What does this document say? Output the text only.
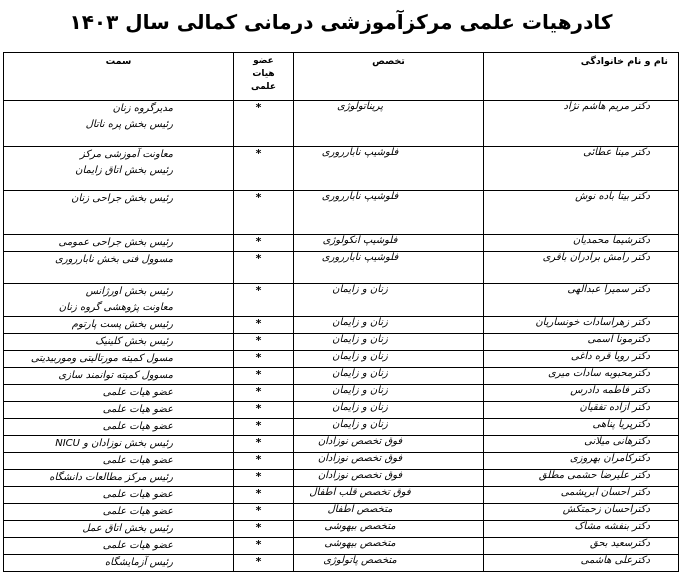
کادرهیات علمی مرکزآموزشی درمانی کمالی سال ۱۴۰۳
نام و نام خانوادگی	تخصص	عضو
هیات
علمی	سمت
دکتر مریم هاشم نژاد	پریناتولوژی	*	مدیرگروه زنان
رئیس بخش پره ناتال

دکتر مینا عطائی	فلوشیپ نابارروری	*	معاونت آموزشی مرکز
رئیس بخش اتاق زایمان

دکتر بیتا باده نوش	فلوشیپ نابارروری	*	رئیس بخش جراحی زنان

دکترشیما محمدیان	فلوشیپ انکولوژی	*	رئیس بخش جراحی عمومی

دکتر رامش برادران باقری	فلوشیپ نابارروری	*	مسوول فنی بخش نابارروری

دکتر سمیرا عبدالهی	زنان و زایمان	*	رئیس بخش اورژانس
معاونت پژوهشی گروه زنان

دکتر زهراسادات خونساریان	زنان و زایمان	*	رئیس بخش پست پارتوم

دکترمونا اسمی	زنان و زایمان	*	رئیس بخش کلینیک

دکتر رویا قره داغی	زنان و زایمان	*	مسول کمیته مورتالیتی وموربیدیتی

دکترمحبوبه سادات میری	زنان و زایمان	*	مسوول کمیته توانمند سازی

دکتر فاطمه دادرس	زنان و زایمان	*	عضو هیات علمی

دکتر آزاده تفقیان	زنان و زایمان	*	عضو هیات علمی

دکترپریا پناهی	زنان و زایمان	*	عضو هیات علمی

دکترهانی میلانی	فوق تخصص نوزادان	*	رئیس بخش نوزادان و NICU

دکترکامران بهروزی	فوق تخصص نوزادان	*	عضو هیات علمی

دکتر علیرضا حشمی مطلق	فوق تخصص نوزادان	*	رئیس مرکز مطالعات دانشگاه

دکتر احسان ابریشمی	فوق تخصص قلب اطفال	*	عضو هیات علمی

دکتراحسان زحمتکش	متخصص اطفال	*	عضو هیات علمی

دکتر بنفشه مشاک	متخصص بیهوشی	*	رئیس بخش اتاق عمل

دکترسعید بحق	متخصص بیهوشی	*	عضو هیات علمی

دکترعلی هاشمی	متخصص پاتولوژی	*	رئیس آزمایشگاه
